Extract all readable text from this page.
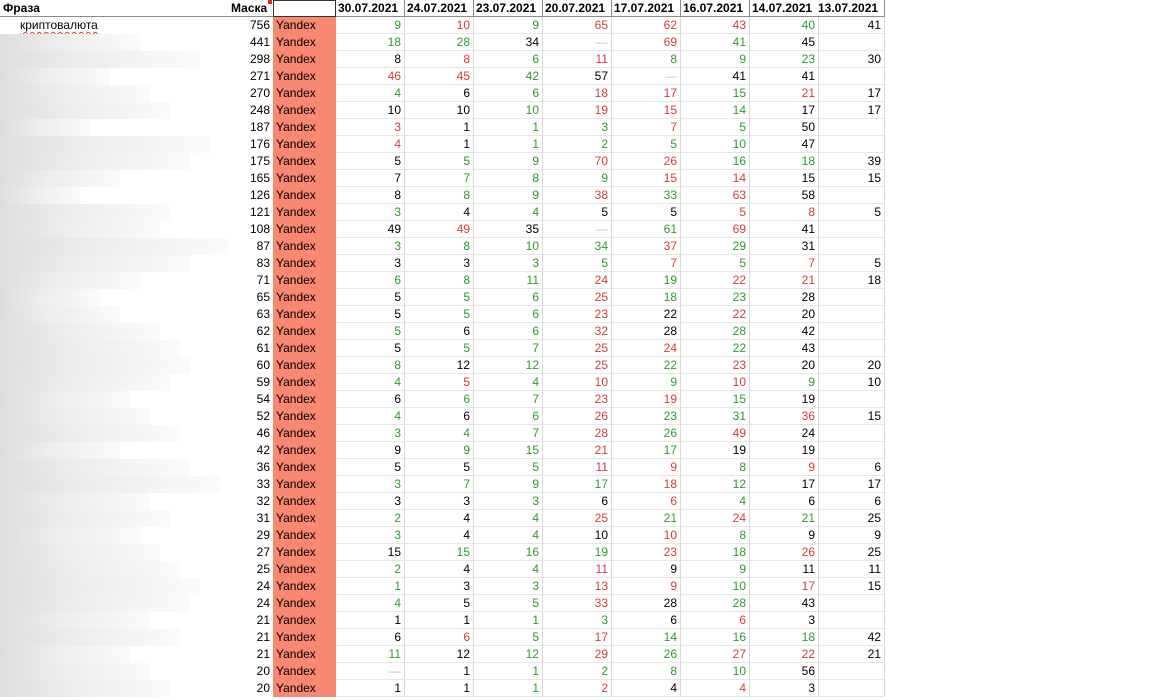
Фраза	Маска	30.07.2021 24.07.2021 23.07.2021 20.07.2021 17.07.2021 16.07.2021 14.07.2021 13.07.2021
криптовалюта	756 Yandex	9	10	9	65	62	43	40	41
441 Yandex	18	28	34	—	69	41	45
298 Yandex	8	8	6	11	8	9	23	30
271 Yandex	46	45	42	57	—	41	41
270 Yandex	4	6	6	18	17	15	21	17
248 Yandex	10	10	10	19	15	14	17	17
187 Yandex	3	1	1	3	7	5	50
176 Yandex	4	1	1	2	5	10	47
175 Yandex	5	5	9	70	26	16	18	39
165 Yandex	7	7	8	9	15	14	15	15
126 Yandex	8	8	9	38	33	63	58
121 Yandex	3	4	4	5	5	5	8	5
108 Yandex	49	49	35	—	61	69	41
87 Yandex	3	8	10	34	37	29	31
83 Yandex	3	3	3	5	7	5	7	5
71 Yandex	6	8	11	24	19	22	21	18
65 Yandex	5	5	6	25	18	23	28
63 Yandex	5	5	6	23	22	22	20
62 Yandex	5	6	6	32	28	28	42
61 Yandex	5	5	7	25	24	22	43
60 Yandex	8	12	12	25	22	23	20	20
59 Yandex	4	5	4	10	9	10	9	10
54 Yandex	6	6	7	23	19	15	19
52 Yandex	4	6	6	26	23	31	36	15
46 Yandex	3	4	7	28	26	49	24
42 Yandex	9	9	15	21	17	19	19
36 Yandex	5	5	5	11	9	8	9	6
33 Yandex	3	7	9	17	18	12	17	17
32 Yandex	3	3	3	6	6	4	6	6
31 Yandex	2	4	4	25	21	24	21	25
29 Yandex	3	4	4	10	10	8	9	9
27 Yandex	15	15	16	19	23	18	26	25
25 Yandex	2	4	4	11	9	9	11	11
24 Yandex	1	3	3	13	9	10	17	15
24 Yandex	4	5	5	33	28	28	43
21 Yandex	1	1	1	3	6	6	3
21 Yandex	6	6	5	17	14	16	18	42
21 Yandex	11	12	12	29	26	27	22	21
20 Yandex	—	1	1	2	8	10	56
20 Yandex	1	1	1	2	4	4	3
